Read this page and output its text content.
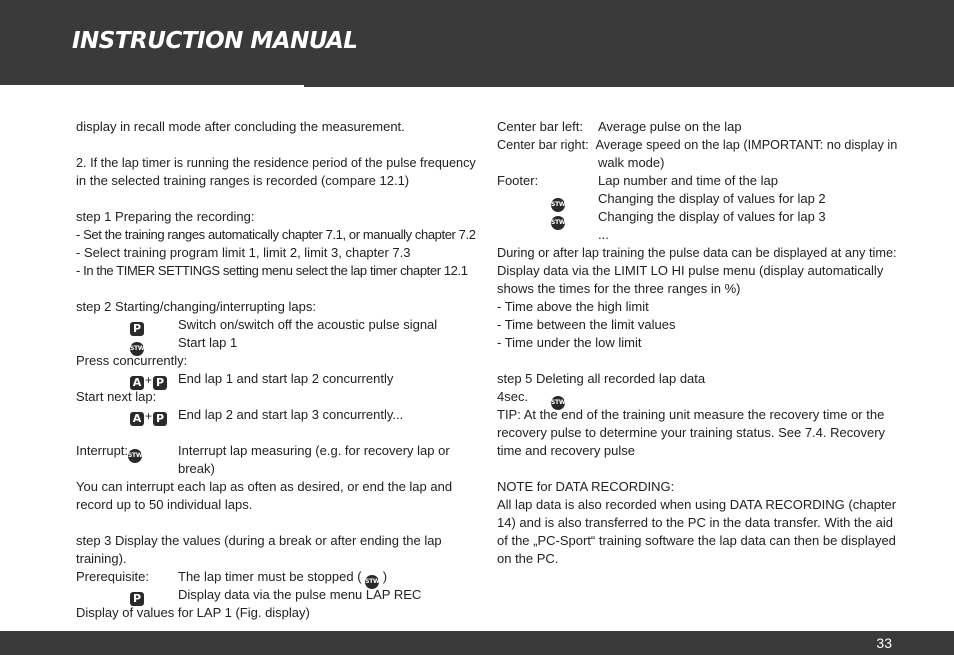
INSTRUCTION MANUAL
display in recall mode after concluding the measurement.
2. If the lap timer is running the residence period of the pulse frequency
in the selected training ranges is recorded (compare 12.1)
step 1 Preparing the recording:
- Set the training ranges automatically chapter 7.1, or manually chapter 7.2
- Select training program limit 1, limit 2, limit 3, chapter 7.3
- In the TIMER SETTINGS setting menu select the lap timer chapter 12.1
step 2 Starting/changing/interrupting laps:
P	Switch on/switch off the acoustic pulse signal
STW	Start lap 1
Press concurrently:
A + P End lap 1 and start lap 2 concurrently
Start next lap:
A + P End lap 2 and start lap 3 concurrently...
Interrupt:STW	Interrupt lap measuring (e.g. for recovery lap or
break)
You can interrupt each lap as often as desired, or end the lap and
record up to 50 individual laps.
step 3 Display the values (during a break or after ending the lap
training).
Prerequisite: The lap timer must be stopped ( STW )
P	Display data via the pulse menu LAP REC
Display of values for LAP 1 (Fig. display)
Center bar left: Average pulse on the lap
Center bar right: Average speed on the lap (IMPORTANT: no display in
walk mode)
Footer:	Lap number and time of the lap
STW	Changing the display of values for lap 2
STW	Changing the display of values for lap 3
...
During or after lap training the pulse data can be displayed at any time:
Display data via the LIMIT LO HI pulse menu (display automatically
shows the times for the three ranges in %)
- Time above the high limit
- Time between the limit values
- Time under the low limit
step 5 Deleting all recorded lap data
4sec.	STW
TIP: At the end of the training unit measure the recovery time or the
recovery pulse to determine your training status. See 7.4. Recovery
time and recovery pulse
NOTE for DATA RECORDING:
All lap data is also recorded when using DATA RECORDING (chapter
14) and is also transferred to the PC in the data transfer. With the aid
of the „PC-Sport“ training software the lap data can then be displayed
on the PC.
33
